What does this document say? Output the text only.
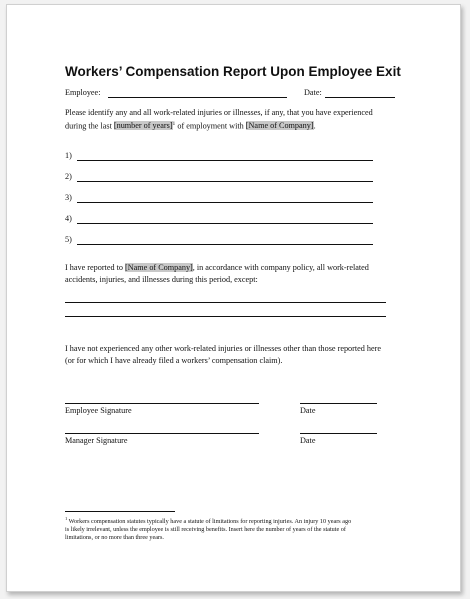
Workers’ Compensation Report Upon Employee Exit
Employee:	Date:
Please identify any and all work-related injuries or illnesses, if any, that you have experienced
during the last [number of years]$^1$ of employment with [Name of Company].
1)
2)
3)
4)
5)
I have reported to [Name of Company], in accordance with company policy, all work-related
accidents, injuries, and illnesses during this period, except:
I have not experienced any other work-related injuries or illnesses other than those reported here
(or for which I have already filed a workers’ compensation claim).
Employee Signature	Date
Manager Signature	Date
$^1$ Workers compensation statutes typically have a statute of limitations for reporting injuries. An injury 10 years ago
is likely irrelevant, unless the employee is still receiving benefits. Insert here the number of years of the statute of
limitations, or no more than three years.
